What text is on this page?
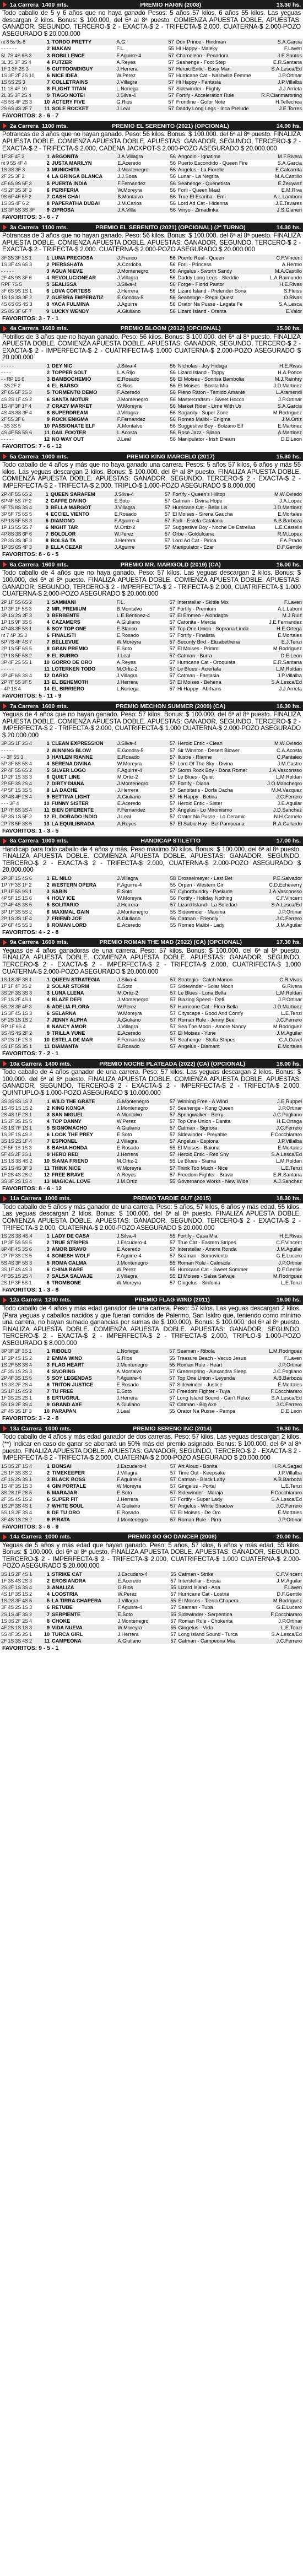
1a Carrera 1400 mts.	PREMIO HARIN (2008)	13.30 hs.
Todo caballo de 5 y 6 años que no haya ganado Pesos: 5 años 57 kilos, 6 años 55 kilos. Las yeguas descargan 2 kilos. Bonus: $ 100.000, del 6ª al 8ª puesto. COMIENZA APUESTA DOBLE, APUESTAS: GANADOR, SEGUNDO, TERCERO-$ 2 - EXACTA-$ 2 - TRIFECTA-$ 2.000, CUATERNA-$ 2.000-POZO ASEGURADO $ 20.000.000
nt 8 5s 9s 8	1	TORDO PRETTY	A.G.	57	Don Prince - Hindman	S.A.Garcia
- - - - - -	2	MAKAN	F.L.	55	Hi Happy - Maleky	F.Laven
5L 7S 4S 6S 3	3	ROBILLENCE	F.Aguirre-4	57	Chameleon - Penadora	J.E.Santos
3L 3S 3F 3S 4	4	FUTZER	A.Reyes	57	Seahenge - Foot Step	E.R.Santana
1F 1 3F 2S 3	5	CUTTOONDIGUY	J.Herrera	57	Heroic Entic - Easy Man	S.A.Lesca/Ed
1S 3F 2F 2S 10	6	NICE IDEA	W.Perez	57	Hurricane Cat - Nashville Femme	J.P.Ortinar
1S 5S 2S 3	7	COLLETRAINS	J.Villagra	57	Hi Happy - Fantasia	J.P.Villalba
11-1S 4F 10	8	FLIGHT TITAN	L.Noriega	57	Sidewinder - Flighty	J.J.Arrieta
2L 3S 3F 2S 4	9	TIAGO NOTEI	J.Silva-4	57	Fortify - Acceleration Rule	R.P.Cianmaroning
4S 5S 4F 2S 3	10	ACTERY FIVE	G.Rios	57	Frontline - Gofor Note	H.Tellechea
2S 6S 4S 2F 7	11	SOLE ROCKET	J.Leal	57	Daddy Long Legs - Inca Prelude	J.E.Torres
FAVORITOS: 3 - 6 - 7
2a Carrera 1100 mts.	PREMIO EL SERENITO (2021) (OPCIONAL)	14.00 hs.
Potrancas de 3 años que no hayan ganado. Peso: 56 kilos. Bonus: $ 100.000. del 6ª al 8ª puesto. FINALIZA APUESTA DOBLE. COMIENZA APUESTA DOBLE. APUESTAS: GANADOR, SEGUNDO, TERCERO-$ 2 - EXACTA-$ 2 - TRIFECTA-$ 2.000, CADENA JACKPOT-$ 2.000-POZO ASEGURADO $ 20.000.000
1F 3F 4F 2	1	ARGONITA	J.A.Villagra	56	Angodin - Ignatime	M.F.Rivera
nt 9 5S 4F 4	2	JUSTA MARILYN	E.Aceredo	56	Puerto Escondido - Queen Fire	S.A.Garcia
1S 3S 3F 3	3	MUNICHITA	J.Montenegro	56	Angelus - La Fiorelle	E.Calcarrita
2F 2S 3F 2	4	LA GRINGA BLANCA	J.J.Sosa	56	Lunar - La Negrita	M.A.Castillo
4F 6S 9S 6F 3	5	PUERTA INDIA	F.Fernandez	56	Seahenge - Quenetista	E.Zeuyasz
4S 2F 3S 3F 3	6	PERIFERIA	W.Moreyra	56	Forli - Queen Maat	E.M.Riva
9S 6F 4F 5F 2	7	CASH CHAI	B.Montalvo	56	True El Escriba - Emi	A.L.Lamboni
1S 3S 4F 6 2	8	PAPERATHA DUBAI	J.M.Carlos	56	Lord Ad Cat - Hidenna	J.E.Tavares
1S 3F 5S 3S 3F	9	ZIPROSA	J.A.Villa	56	Vinyo - Zimadinka	J.S.Gianeri
FAVORITOS: 3 - 6 - 7
3a Carrera 1100 mts.	PREMIO EL SERENITO (2021) (OPCIONAL) (2ª TURNO)	14.30 hs.
Potrancas de 3 años que no hayan ganado. Peso: 56 kilos. Bonus: $ 100.000. del 6ª al 8ª puesto. FINALIZA APUESTA DOBLE. COMIENZA APUESTA DOBLE. APUESTAS: GANADOR, SEGUNDO, TERCERO-$ 2 - EXACTA-$ 2 - TRIFECTA-$ 2.000. CUATERNA-$ 2.000-POZO ASEGURADO $ 20.000.000
3F 3S 3F 3S 1	1	LUNA PRECIOSA	J.Franco	56	Puerto Real - Queen	C.F.Vincent
1S 3F 4S 6S 3	2	PIERSSHATA	A.Cordoba	56	Forli - Princess	A.Hermo
- - - - -	3	AGUA NIEVE	J.Montenegro	56	Angelus - Sworth Sandy	M.A.Castillo
2F 4S 9S 3F 6	4	REVOLUCIONEAR	J.Villagra	56	Daddy Long Legs - Sleddie	L.A.Raimundo
RPF 7S 5	5	SEALISSA	J.Silva-4	56	Forge - Florid Pastor	H.E.Rivas
3F 6S 9S 1S 1	6	LOVA CORTESS	J.Herrera	56	Lizard Island - Pretender Sona	S.Fleiss
1S 1S 3S 3F 2	7	GUERRA EMPERATIZ	E.Gondra-5	56	Seahenge - Regal Quest	O.Rivas
4S 6S 6S 4S 3	8	YACA FULMINA	J.Aguirre	56	Orator Na Pusse - Lagata Fe	S.A.Lesca
2S 8S 3F 6F 7	9	LUCKY WENDY	A.Giuliano	56	Lizard Island - Oranta	E.Valor
FAVORITOS: 3 - 7 - 1
4a Carrera 1600 mts.	PREMIO BLOOM (2012) (OPCIONAL)	15.00 hs.
Potrillos de 3 años que no hayan ganado. Peso: 56 kilos. Bonus: $ 100.000. del 6ª al 8ª puesto. FINALIZA APUESTA DOBLE. COMIENZA APUESTA DOBLE. APUESTAS: GANADOR, SEGUNDO, TERCERO-$ 2 - EXACTA-$ 2 - IMPERFECTA-$ 2 - CUATRIFECTA-$ 1.000 CUATERNA-$ 2.000-POZO ASEGURADO $ 20.000.000
- - - - -	1	DEY NIC	J.Silva-4	56	Nicholas - Joy Hidaga	H.E.Rivas
- - - -	2	TOPPER SOLT	L.A.Rijo	56	Lizard Island - Toppy	H.A.Ponce
- - RP 1S 6	3	BAMBOCHEMIO	E.Rosado	56	El Moises - Sonrisa Bambolia	M.J.Rainhry
- 3S 2F 2	4	EL BARSO	G.Rios	56	El Moises - Bonita Mia	J.D.Martinez
2F 6S 6F 3S 3	5	TORMENTO DEMO	F.Aceredo	56	Pleno Raton - Temido Amante	L.Aramendi
4S 2S 1F 4S 2	6	SANTA MOTUR	J.Montenegro	56	Mastercraftsm - Sweet Hocco	J.P.Ortinar
1S 4F 3F 1F 4	7	CRAZY MARKET	W.Moreyra	56	Market Rider - Lime With Us	S.A.Garcia
4S 4S 8S 3F 4	8	SUPERDREAM	J.Villagra	56	Sagacity - Super Zone	M.Rodriguez
2F 5S 3F 6	9	ROCK ENIGMA	F.Fernandez	56	Romeo Malibi - Enigma	J.M.Ortiz
- 3S 3S 5	10	PASSIONATE ELF	A.Montalvo	56	Suggestive Boy - Bolzano Elf	E.Martinez
4S 4F 5S 5S 6	11	DAIL FOOTER	L.Acosta	56	Rose Jazz - Silano	A.Martinez
- - - - -	12	NO WAY OUT	J.Leal	56	Manipulator - Irish Dream	D.E.Leon
FAVORITOS: 7 - 6 - 12
5a Carrera 1000 mts.	PREMIO KING MARCELO (2017)	15.30 hs.
Todo caballo de 4 años y más que no haya ganado una carrera. Pesos: 5 años 57 kilos, 6 años y más 55 kilos. Las yeguas descargan 2 kilos. Bonus: $ 100.000. del 6ª al 8ª puesto. FINALIZA APUESTA DOBLE. COMIENZA APUESTA DOBLE. APUESTAS: GANADOR, SEGUNDO, TERCERO-$ 2 - EXACTA-$ 2 - IMPERFECTA-$ 2 - TRIFECTA-$ 2.000, TRIPLO-$ 1.000-POZO ASEGURADO $ 8.000.000
2P 4F 5S 6S 2	1	QUEEN SARAFEM	J.Silva-4	57	Fortify - Queen's Hilltop	M.W.Oviedo
6P 4F 5S 7F 2	2	CAFFE DIVINO	E.Soto	57	Catman - Divina Hope	J.A.Lopez
9F 7S 8S 3S 4	3	BELLA MARGOT	J.Villagra	57	Hurricane Cat - Bella Lis	J.D.Martinez
3P 5F 7S 6S 5	4	ECCIEL VIENTO	E.Rosado	57	El Moises - Sirena Gaucha	E.Mortales
6P 1S 5F 5S 3	5	DIAMOND	F.Aguirre-4	57	Forli - Estela Catalana	A.B.Barboza
1P 1S 5S 5S 7	6	NIGHT TAR	M.Ortiz-2	57	Suggestive Boy - Noche De Estrellas	L.E.Castells
4P 8S 3S 6F 6	7	BOLDLOR	W.Perez	57	Orbe - Goldulcana	R.M.Lopez
2P 3S 3S 3F 3	8	BOLSA TA	J.Herrera	57	Lord Ad Cat - Pirica	F.A.Prado
1P 3S 6S 4F 3	9	ELLA CEZAR	J.Aguirre	57	Manipulator - Ezar	D.F.Gentile
FAVORITOS: 8 - 6 - 5
6a Carrera 1600 mts.	PREMIO MR. MARIGOLD (2019) (CA)	16.00 hs.
Todo caballo de 4 años que no haya ganado. Peso: 57 kilos. Las yeguas descargan 2 kilos. Bonus: $ 100.000, del 6ª al 8ª puesto. FINALIZA APUESTA DOBLE. COMIENZA APUESTA DOBLE. APUESTAS: GANADOR, SEGUNDO, TERCERO-$ 2 - IMPERFECTA-$ 2 - TRIFECTA-$ 2.000, CUATRIFECTA-$ 1.000 CUATERNA-$ 2.000-POZO ASEGURADO $ 20.000.000
2P 1F 5S 6S 2	1	SAMMANI	F.L.	57	Interstellar - Skittle Mix	F.Laven
1P 3F 1F 5S 3	2	MR. PREMIUM	B.Montalvo	57	Fortify - Premium	A.L.Laboni
3P 1S 2S 2F 3	3	BERBENTE	L.E.Bentinez-4	57	El Emmeo - Alondagta	M.J.Ruiz
1P 1S 9F 3S 5	4	CAZAMERS	A.Giuliano	57	Catonita - Mercia	J.E.Fernandez
4P 4S 3F 5S 1	5	SOY TOP ONE	E.Blanco	57	Top One Union - Soprana Linda	H.E.Ortega
nt 7 4P 3S 3	6	FINALISTI	E.Rosado	57	Fortify - Finalista	E.Mortales
5P 7S 4F 4S 7	7	BELLEVUE	W.Moreyra	57	Security Bird - Elizabethena	E.J.Tenzi
2P 1S 5F 6S 5	8	GRAN PREMIO	E.Soto	57	El Moises - Primmi	M.Rodriguez
2P 1S 5F 5S 2	9	EL BURRO	J.Leal	57	Catman - Burra	D.E.Leon
3P 4F 2S 5S 1	10	GORRO DE ORO	A.Reyes	57	Hurricane Cat - Oroquieta	E.R.Santana
- - - - -	11	LOTERKEN TODO	M.Ortiz-2	57	Le Blues - Aciertala	L.M.Roldan
3P 4F 6S 3S 4	12	DARIO	J.Villagra	57	Catman - Fantasia	J.P.Villalba
2P 7F 5S 3F 5	13	EL BEHEMOTH	J.Herrera	57	El Moises - Behena	S.A.Lesca/Ed
- 4P 1S 4	14	EL BIRRIERO	L.Noriega	57	Hi Happy - Abrhans	J.J.Arrieta
FAVORITOS: 5 - 11 - 9
7a Carrera 1600 mts.	PREMIO MECHON SUMMER (2009) (CA)	16.30 hs.
Yeguas de 4 años que no hayan ganado. Peso: 57 kilos. Bonus: $ 100.000. del 6ª al 8ª puesto. FINALIZA APUESTA DOBLE. COMIENZA APUESTA DOBLE. APUESTAS: GANADOR, SEGUNDO, TERCERO-$ 2 - IMPERFECTA-$ 2 - TRIFECTA-$ 2.000, CUATRIFECTA-$ 1.000 CUATERNA-$ 2.000-POZO ASEGURADO $ 20.000.000
3P 3S 1F 2S 4	1	CLEAN EXPRESSION	J.Silva-4	57	Heroic Entic - Clean	M.W.Oviedo
- - - - -	2	WINNING BLOW	E.Gondra-5	57	Sir Winston - Desert Blower	C.A.Acosta
- - 3F 5S 3	3	HAYLEN RIANNE	E.Rosado	57	Ilustre - Rianne	C.Pantaleo
5P 3F 6S 5S 4	4	SERENA DIVINA	W.Moreyra	57	Lord Of The Sky - Divina	J.M.Castro
2P 4F 5S 6S 2	5	SILVER LOGO	F.Aguirre-4	57	Storm Rock Boy - Dona Romer	J.A.Vasconsso
1P 2F 1S 3S 3	6	QUIET LINE	M.Ortiz-2	57	Le Blues - Quiet	L.M.Roldan
2P 5F 3S 2S 4	7	DIRTY DIANA	J.Montenegro	57	Fortify - Diana	J.O.Manchegro
4P 5F 1S 3S 5	8	LA DACHE	J.Herrera	57	Sanbitaris - Dorfa Dacha	M.M.Vazquez
3P 4S 4F 2S 4	9	BETTINA LIGHT	A.Giuliano	57	Hi Happy - Betina	J.C.Ferrero
- - - 3F 4	10	FUNNY SISTER	E.Aceredo	57	Heroic Entic - Sister	J.E.Aguilar
1P 7F 6S 3S 4	11	BIEN DIFERENTE	F.Fernandez	57	Angelus - Lo Miromismo	J.D.Sanchez
5P 3S 1S 5F 2	12	EL DORADO INDIO	J.Leal	57	Orator Na Pusse - Lo Ceramic	N.H.Carnelo
2P 7S 5F 3S 5	13	LA EQUILIBRADA	A.Reyes	57	El Sabio Hay - Bel Pampeana	R.A.Gallardo
FAVORITOS: 1 - 3 - 5
8a Carrera 1000 mts.	HANDICAP STILETTO	17.00 hs.
Handicap para todo caballo de 4 años y más. Peso máximo 60 kilos. Bonus: $ 100.000. del 6ª al 8ª puesto. FINALIZA APUESTA DOBLE. COMIENZA APUESTA DOBLE. APUESTAS: GANADOR, SEGUNDO, TERCERO-$ 2 - EXACTA-$ 2 - TRIFECTA-$ 2.000, CUATERNA-$ 2.000-POZO ASEGURADO $ 20.000.000
2P 3F 1S 4S 6	1	EL NILO	J.Villagra	58	Drosselmeyer - Last Bet	P.E.Salvador
1P 7F 3S 1F 2	2	WESTERN OPERA	F.Aguirre-4	55	Orpen - Western Gir	C.D.Echeverry
1P 1F 5S 9S 1	3	SABIN	E.Soto	57	Cyborthundry - Paskurie	J.A.Vasconsso
4P 5F 1S 1S 6	4	HOLY ICE	W.Moreyra	56	Fortify - Holiday Nothing	C.F.Vincent
2P 4F 4S 3S 5	5	SOLITARIO	J.Herrera	57	Lizard Island - La Soledad	S.A.Lesca/Ed
3P 1F 3S 5S 2	6	MAXIMAL GAIN	J.Montenegro	55	Sidewinder - Maxima	J.P.Ortinar
2P 1S 3S 1F 4	7	FRIEND JOE	A.Giuliano	56	Catman - Friendly	J.C.Ferrero
2P 6F 4S 5S 3	8	ROMAN LORD	E.Aceredo	55	Romeo Malibi - Lady	J.M.Aguilar
FAVORITOS: 4 - 2 - 8
9a Carrera 1600 mts.	PREMIO ROMAN THE MAD (2022) (CA) (OPCIONAL)	17.30 hs.
Yeguas de 4 años ganadoras de una carrera. Peso: 57 kilos. Bonus: $ 100.000. del 6ª al 8ª puesto. FINALIZA APUESTA DOBLE. COMIENZA APUESTA DOBLE. APUESTAS: GANADOR, SEGUNDO, TERCERO-$ 2 - EXACTA-$ 2 - IMPERFECTA-$ 2 - TRIFECTA-$ 2.000, CUATRIFECTA-$ 1.000 CUATERNA-$ 2.000-POZO ASEGURADO $ 20.000.000
1S 1S 3F 3S 1	1	QUEEN STRATEGIA	J.Silva-4	57	Strategic - Catch Marion	C.R.Vivas
1F 1F 4F 3S 2	2	SOLAR STORM	E.Soto	57	Sidewinder - Solar Moon	G.Rivera
3S 2F 3S 3S 3	3	LUNA LLENA	M.Ortiz-2	57	Le Blues - Luna Bella	L.M.Roldan
2F 1S 2F 4S 1	4	BLAZE DEFI	J.Montenegro	57	Blazing Speed - Defi	J.P.Ortinar
5S 2S 3F 4F 3	5	ADELIA FLORA	W.Perez	57	Hurricane Cat - Flora Bella	J.D.Martinez
1S 3F 4S 1S 3	6	SELARNA	W.Moreyra	57	Cityscape - Good And Comfy	L.E.Tenzi
5F 2S 1S 1S 2	7	JENNY ALPHA	A.Giuliano	57	Roman Rule - Jenny Bee	J.C.Ferrero
RP 1F 6S 4	8	NANCY AMOR	J.Villagra	57	Sea The Moon - Amore Nancy	M.Rodriguez
3S 4S 4S 2F 2	9	TRILLA YUNE	E.Aceredo	57	El Moises - Yune	J.M.Aguilar
3P 2S 1F 2S 3	10	ESTELA DE MAR	F.Fernandez	57	Seahenge - Stella Stripes	C.A.Davel
4S 1F 5S 3S 1	11	DIAMANTA	E.Rosado	57	Angelus - Diamant	E.Mortales
FAVORITOS: 7 - 2 - 1
10a Carrera 1400 mts.	PREMIO NOCHE PLATEADA (2022) (CA) (OPCIONAL)	18.00 hs.
Todo caballo de 4 años ganador de una carrera. Peso: 57 kilos. Las yeguas descargan 2 kilos. Bonus: $ 100.000. del 6ª al 8ª puesto. FINALIZA APUESTA DOBLE. COMIENZA APUESTA DOBLE. APUESTAS: GANADOR, SEGUNDO, TERCERO-$ 2 - EXACTA-$ 2 - IMPERFECTA-$ 2 - TRIFECTA-$ 2.000, QUINTUPLO-$ 1.000-POZO ASEGURADO $ 10.000.000
3S 3S 5S 1S 2	1	WILD THE GRATE	G.Montenegro	57	Winning Free - A Wind	J.E.Ruppel
1S 4S 1S 1S 2	2	KING KONGA	J.Montenegro	57	Seahenge - Kong Queen	J.P.Ortinar
2S 4S 1F 2S 1	3	SAN MIGUEL	A.Montalvo	57	Springwalker - Berry	J.C.Pogliano
1S 2F 3S 1S 5	4	TOP DANNY	W.Perez	57	Top One Union - Danita	H.E.Ortega
4S 1S 7F 1S 1	5	SIGNOMACHO	A.Giuliano	57	Catman - Signora	J.C.Ferrero
1S 2F 1S 4S 2	6	LOOK THE PREY	E.Soto	57	Sidewinder - Preyable	F.Cocchiararo
3S 1S 2S 1F 4	7	ESPIONEL	J.Villagra	57	Angelus - Espiona	J.P.Villalba
2F 5F 1S 1S 3	8	BAHIA HONDA	E.Rosado	55	El Moises - Baiona	E.Mortales
5F 4S 2F 3S 1	9	HERO RED	J.Herrera	57	Heroic Entic - Red Shy	S.A.Lesca/Ed
1S 1S 3S 4S 2	10	SIAMA FRIEND	M.Ortiz-2	55	Le Blues - Siama	L.M.Roldan
2S 1S 4S 3F 3	11	THINK NICE	W.Moreyra	57	Think Too Much - Nice	L.E.Tenzi
1F 2S 4S 2S 2	12	FREE BRAVE	A.Reyes	57	Freedom Fighter - Brava	E.R.Santana
3S 3F 2S 1S 4	13	MAGICAL LOVE	J.M.Ortiz	55	Governance Works - New Wide	A.J.Sanchez
FAVORITOS: 8 - 6 - 12
11a Carrera 1000 mts.	PREMIO TARDIE OUT (2015)	18.30 hs.
Todo caballo de 5 años y más ganador de una carrera. Peso: 5 años, 57 kilos, 6 años y más edad, 55 kilos. Las yeguas descargan 2 kilos. Bonus: $ 100.000. del 6ª al 8ª puesto. FINALIZA APUESTA DOBLE. COMIENZA APUESTA DOBLE. APUESTAS: GANADOR, SEGUNDO, TERCERO-$ 2 - EXACTA-$ 2 - TRIFECTA-$ 2.000, CUATERNA-$ 2.000-POZO ASEGURADO $ 20.000.000
1S 2S 3S 4S 4	1	LADY DE CASA	J.Silva-4	55	Fortify - Casa Mia	H.E.Rivas
1P 3F 5S 5S 5	2	TRUE STRIPES	J.Escudero-4	57	True Cat - Eastern Stripes	C.F.Vincent
3P 4F 4S 3S 6	3	AMOR BRAVO	E.Aceredo	57	Interstellar - Amore Ronda	J.M.Aguilar
2P 7F 3S 2S 5	4	SOMESH WOLF	F.Aguirre-4	57	Seaman - Somoviento	G.E.Lucero
5S 4S 3F 5S 3	5	ROMA CALMA	J.Montenegro	55	Roman Rule - Calmada	J.P.Ortinar
3S 1F 4S 4S 3	6	CHINA RARE	W.Perez	55	Hurricane Cat - Sweet Sommer	D.F.Gentile
4F 3S 1S 2S 4	7	SALSA SALVAJE	J.Villagra	55	El Moises - Salsa Salvaje	M.Rodriguez
2S 1F 3F 5S 1	8	TROMBONE	W.Moreyra	57	Gingelus - Sinfonia	L.E.Tenzi
FAVORITOS: 1 - 3 - 8
12a Carrera 1200 mts.	PREMIO FLAG WIND (2011)	19.00 hs.
Todo caballo de 4 años y más edad ganador de una carrera. Peso: 57 kilos. Las yeguas descargan 2 kilos. (Para yeguas y caballos nacidos y que fueran corridos de Palermo, San Isidro que, teniendo como mínimo una carrera, no hayan sumado ganancias por sumas de $ 100.000). Bonus: $ 100.000. del 6ª al 8ª puesto. FINALIZA APUESTA DOBLE. COMIENZA APUESTA DOBLE. APUESTAS: GANADOR, SEGUNDO, TERCERO-$ 2 - EXACTA-$ 2 - IMPERFECTA-$ 2 - TRIFECTA-$ 2.000, TRIPLO-$ 1.000-POZO ASEGURADO $ 8.000.000
3P 3F 2F 3S 1	1	RIBOLO	L.Noriega	57	Seaman - Ribola	L.M.Rodriguez
1F 2P 4S 1S 2	2	EMMA WIND	G.Rios	55	Treasure Beach - Vacuo Jesus	F.Laven
1S 2F 5S 3S 4	3	FLAG HEART	J.Montenegro	55	Roman Rule - Heart	J.P.Ortinar
4F 3S 1S 2S 3	4	SNORING	A.Montalvo	57	Greenspring - Alexandra Sleep	J.C.Pogliano
2P 4F 3S 1S 5	5	SOY LEGENDAS	F.Aguirre-4	57	Top One Union - Leyenda	A.B.Barboza
1S 3S 2F 2S 4	6	TRITON JUSTICE	E.Rosado	57	Sidewinder - Justice	E.Mortales
3S 1F 1S 4S 2	7	TU FREE	E.Soto	57	Freedom Fighter - Tuya	F.Cocchiararo
1F 3S 2S 2S 1	8	ERTUGRUL	J.Herrera	57	Long Island Sound - Can't Relax	S.A.Lesca/Ed
5S 1S 2F 3S 4	9	GRAND AXE	A.Giuliano	57	Catman - Big Axe	J.C.Ferrero
2F 4S 3S 1F 3	10	PARAPAN	J.Leal	55	Orator Na Pusse - Pampa	D.E.Leon
FAVORITOS: 3 - 2 - 8
13a Carrera 1000 mts.	PREMIO SERENO INC (2014)	19.30 hs.
Todo caballo de 4 años y más edad ganador de dos carreras. Peso: 57 kilos. Las yeguas descargan 2 kilos. (**) Indicar en caso de ganar se abonará un 50% más del premio asignado. Bonus: $ 100.000. del 6ª al 8ª puesto. FINALIZA APUESTA DOBLE. APUESTAS: GANADOR, SEGUNDO, TERCERO-$ 2 - EXACTA-$ 2 - IMPERFECTA-$ 2 - TRIFECTA-$ 2.000, CUATERNA-$ 2.000-POZO ASEGURADO $ 20.000.000
1S 3S 2F 1S 4	1	BONSAI	J.Escudero-4	57	Art Aloud - Bonita	H.R.A.Sagad
2S 1F 3S 3S 2	2	TIMEKEEPER	J.Villagra	57	Time Out - Keepsake	J.P.Villalba
4F 1S 2S 3S 1	3	BLACK BOSS	F.Aguirre-4	57	Catman - Black Lady	A.B.Barboza
1S 4F 3S 1S 3	4	GIN PORTALE	W.Moreyra	57	Gingelus - Portal	L.E.Tenzi
3S 2S 1F 2S 5	5	MARAJAR	E.Soto	57	Sidewinder - Maraja	F.Cocchiararo
2F 3S 4S 1S 2	6	SUPER FIT	J.Herrera	57	Fortify - Super Lady	S.A.Lesca/Ed
1S 2F 3S 4S 1	7	WHITE SOUL	A.Giuliano	57	Angelus - White Shadow	J.C.Ferrero
5S 1S 2F 3S 4	8	DE TU ORO	E.Rosado	57	El Moises - De Oro	E.Mortales
3F 4S 1S 2S 2	9	PIRATA	J.Montenegro	57	Roman Rule - Pirra	J.P.Ortinar
FAVORITOS: 3 - 6 - 9
14a Carrera 1000 mts.	PREMIO GO GO DANCER (2008)	20.00 hs.
Yeguas de 5 años y más edad que hayan ganado. Peso: 5 años, 57 kilos, 6 años y más edad, 55 kilos. Bonus: $ 100.000. del 6ª al 8ª puesto. FINALIZA APUESTA DOBLE. APUESTAS: GANADOR, SEGUNDO, TERCERO-$ 2 - IMPERFECTA-$ 2 - TRIFECTA-$ 2.000, CUATRIFECTA-$ 1.000 CUATERNA-$ 2.000-POZO ASEGURADO $ 20.000.000
3S 1S 2F 4S 1	1	STRIKE CAT	J.Escudero-4	55	Catman - Strike	C.F.Vincent
1F 3S 4S 2S 3	2	EROSIANDRA	E.Aceredo	57	Interstellar - Erosia	J.M.Aguilar
2S 2F 1S 3S 4	3	ANALIZA	G.Rios	55	Lizard Island - Ana	F.Laven
4S 1F 3S 1S 2	4	LOOSTRIA	W.Perez	57	Hurricane Cat - Lostria	D.F.Gentile
1S 2S 3F 4S 5	5	LA TIRRA CHAPERA	J.Villagra	55	El Moises - Tierra Chapera	M.Rodriguez
3F 4S 2S 1S 3	6	RETUBE	F.Aguirre-4	57	Seaman - Tuba	G.E.Lucero
2S 1S 4F 3S 2	7	SERPIENTE	E.Soto	55	Sidewinder - Serpentina	F.Cocchiararo
1S 3S 2F 2S 4	8	CHOKE	J.Montenegro	57	Roman Rule - Chokerita	J.P.Ortinar
4F 2S 1S 1S 3	9	VIDA NUEVA	W.Moreyra	55	Gingelus - Vida	L.E.Tenzi
5S 4F 3S 2S 1	10	TURCA GIRL	J.Herrera	57	Long Island Sound - Turca	S.A.Lesca/Ed
2F 1S 3S 4S 2	11	CAMPEONA	A.Giuliano	57	Catman - Campeona Mia	J.C.Ferrero
FAVORITOS: 9 - 5 - 1
